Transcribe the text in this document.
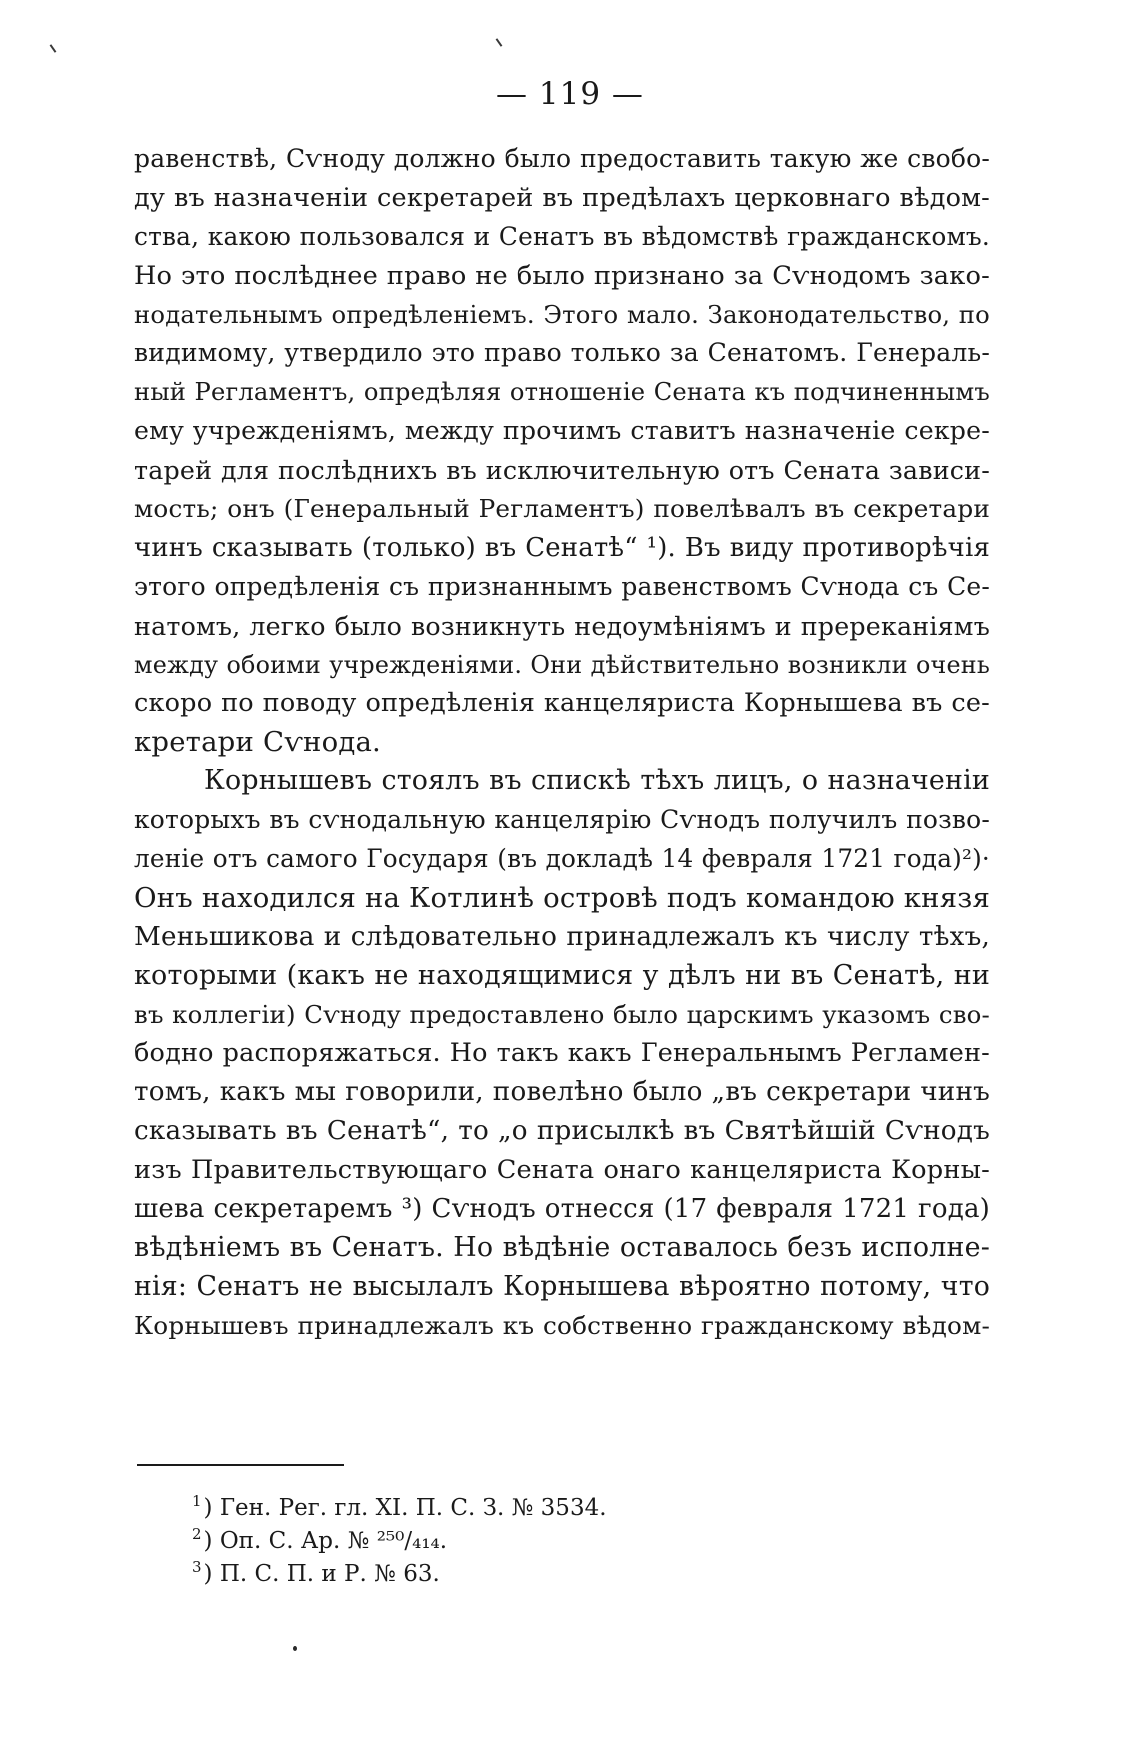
— 119 —
равенствѣ, Сѵноду должно было предоставить такую же свобо-
ду въ назначеніи секретарей въ предѣлахъ церковнаго вѣдом-
ства, какою пользовался и Сенатъ въ вѣдомствѣ гражданскомъ.
Но это послѣднее право не было признано за Сѵнодомъ зако-
нодательнымъ опредѣленіемъ. Этого мало. Законодательство, по
видимому, утвердило это право только за Сенатомъ. Генераль-
ный Регламентъ, опредѣляя отношеніе Сената къ подчиненнымъ
ему учрежденіямъ, между прочимъ ставитъ назначеніе секре-
тарей для послѣднихъ въ исключительную отъ Сената зависи-
мость; онъ (Генеральный Регламентъ) повелѣвалъ въ секретари
чинъ сказывать (только) въ Сенатѣ“ ¹). Въ виду противорѣчія
этого опредѣленія съ признаннымъ равенствомъ Сѵнода съ Се-
натомъ, легко было возникнуть недоумѣніямъ и пререканіямъ
между обоими учрежденіями. Они дѣйствительно возникли очень
скоро по поводу опредѣленія канцеляриста Корнышева въ се-
кретари Сѵнода.
Корнышевъ стоялъ въ спискѣ тѣхъ лицъ, о назначеніи
которыхъ въ сѵнодальную канцелярію Сѵнодъ получилъ позво-
леніе отъ самого Государя (въ докладѣ 14 февраля 1721 года)²)·
Онъ находился на Котлинѣ островѣ подъ командою князя
Меньшикова и слѣдовательно принадлежалъ къ числу тѣхъ,
которыми (какъ не находящимися у дѣлъ ни въ Сенатѣ, ни
въ коллегіи) Сѵноду предоставлено было царскимъ указомъ сво-
бодно распоряжаться. Но такъ какъ Генеральнымъ Регламен-
томъ, какъ мы говорили, повелѣно было „въ секретари чинъ
сказывать въ Сенатѣ“, то „о присылкѣ въ Святѣйшій Сѵнодъ
изъ Правительствующаго Сената онаго канцеляриста Корны-
шева секретаремъ ³) Сѵнодъ отнесся (17 февраля 1721 года)
вѣдѣніемъ въ Сенатъ. Но вѣдѣніе оставалось безъ исполне-
нія: Сенатъ не высылалъ Корнышева вѣроятно потому, что
Корнышевъ принадлежалъ къ собственно гражданскому вѣдом-
$^1$) Ген. Рег. гл. XI. П. С. З. № 3534.
$^2$) Оп. С. Ар. № ²⁵⁰/₄₁₄.
$^3$) П. С. П. и Р. № 63.
